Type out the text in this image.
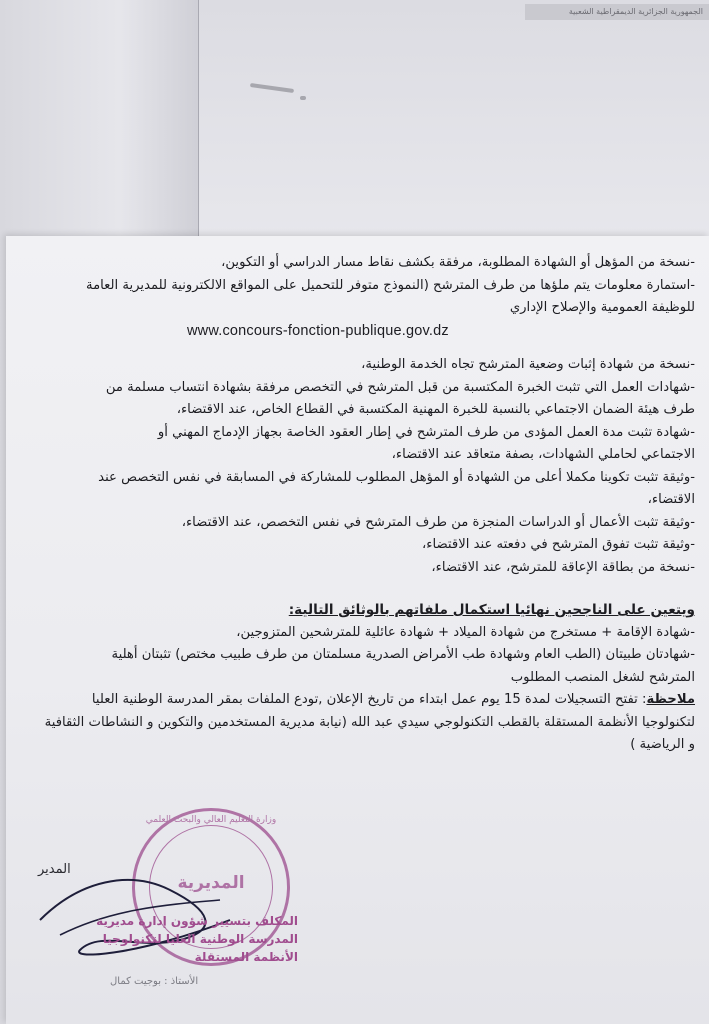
الجمهورية الجزائرية الديمقراطية الشعبية
-نسخة من المؤهل أو الشهادة المطلوبة، مرفقة بكشف نقاط مسار الدراسي أو التكوين،
-استمارة معلومات يتم ملؤها من طرف المترشح (النموذج متوفر للتحميل على المواقع الالكترونية للمديرية العامة
للوظيفة العمومية والإصلاح الإداري
www.concours-fonction-publique.gov.dz
-نسخة من شهادة إثبات وضعية المترشح تجاه الخدمة الوطنية،
-شهادات العمل التي تثبت الخبرة المكتسبة من قبل المترشح في التخصص مرفقة بشهادة انتساب مسلمة من
طرف هيئة الضمان الاجتماعي بالنسبة للخبرة المهنية المكتسبة في القطاع الخاص، عند الاقتضاء،
-شهادة تثبت مدة العمل المؤدى من طرف المترشح في إطار العقود الخاصة بجهاز الإدماج المهني أو
الاجتماعي لحاملي الشهادات، بصفة متعاقد عند الاقتضاء،
-وثيقة تثبت تكوينا مكملا أعلى من الشهادة أو المؤهل المطلوب للمشاركة في المسابقة في نفس التخصص عند
الاقتضاء،
-وثيقة تثبت الأعمال أو الدراسات المنجزة من طرف المترشح في نفس التخصص، عند الاقتضاء،
-وثيقة تثبت تفوق المترشح في دفعته عند الاقتضاء،
-نسخة من بطاقة الإعاقة للمترشح، عند الاقتضاء،
ويتعين على الناجحين نهائيا استكمال ملفاتهم بالوثائق التالية:
-شهادة الإقامة + مستخرج من شهادة الميلاد + شهادة عائلية للمترشحين المتزوجين،
-شهادتان طبيتان (الطب العام وشهادة طب الأمراض الصدرية مسلمتان من طرف طبيب مختص) تثبتان أهلية
المترشح لشغل المنصب المطلوب
ملاحظة: تفتح التسجيلات لمدة 15 يوم عمل ابتداء من تاريخ الإعلان ,تودع الملفات بمقر المدرسة الوطنية العليا
لتكنولوجيا الأنظمة المستقلة بالقطب التكنولوجي سيدي عبد الله (نيابة مديرية المستخدمين والتكوين و النشاطات الثقافية
و الرياضية )
المدير
وزارة التعليم العالي والبحث العلمي
المديرية
المكلف بتسيير شؤون إدارة مديرية
المدرسة الوطنية العليا لتكنولوجيا
الأنظمة المستقلة
الأستاذ : بوجيت كمال
